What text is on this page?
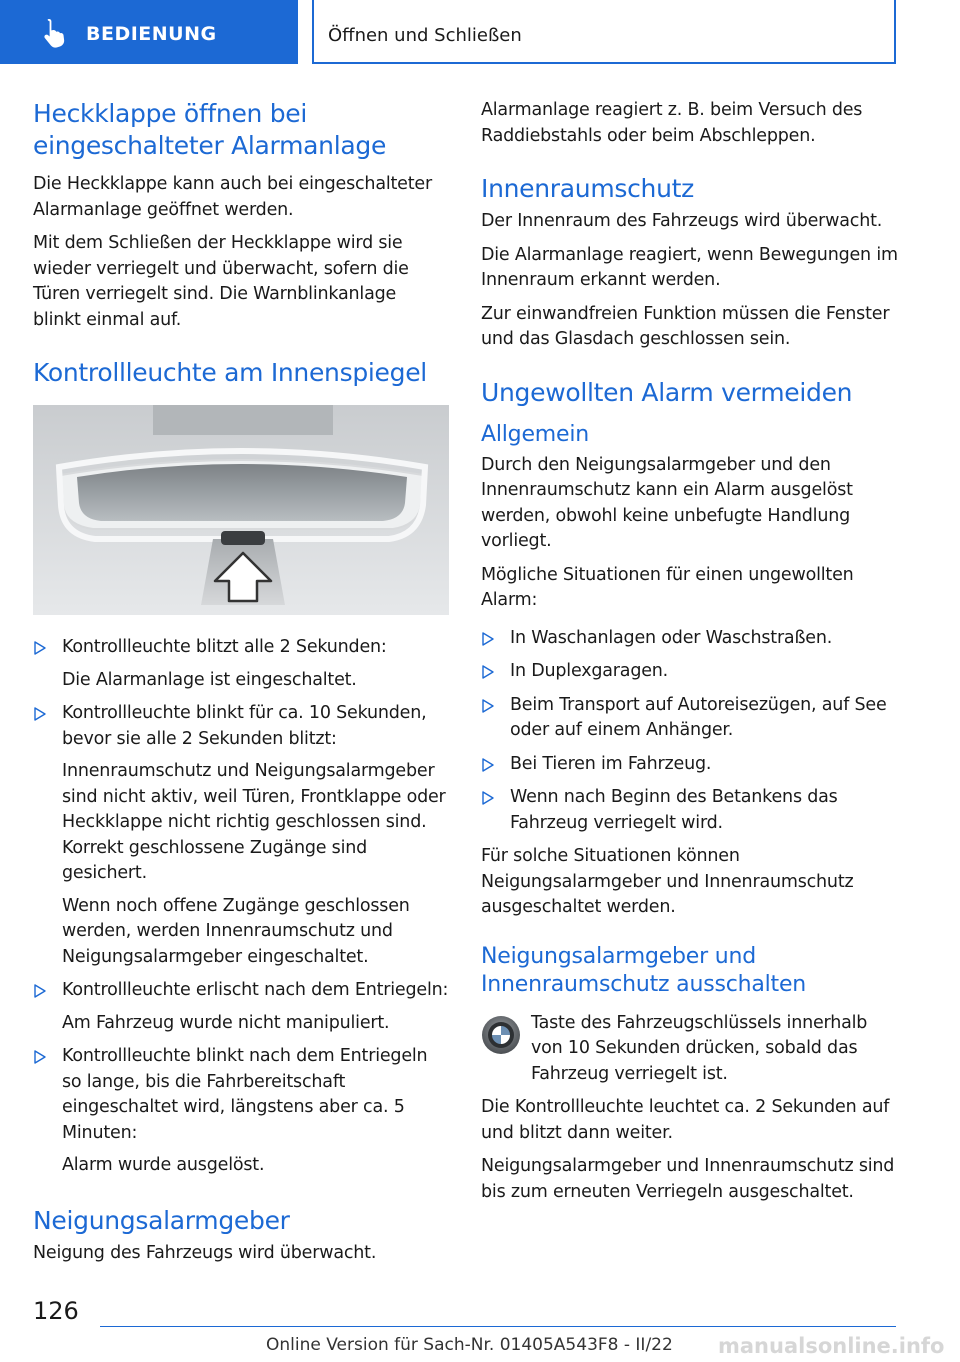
BEDIENUNG	Öffnen und Schließen
Heckklappe öffnen bei eingeschalteter Alarmanlage

Die Heckklappe kann auch bei eingeschalteter Alarmanlage geöffnet werden.

Mit dem Schließen der Heckklappe wird sie wieder verriegelt und überwacht, sofern die Türen verriegelt sind. Die Warnblinkanlage blinkt einmal auf.

Kontrollleuchte am Innenspiegel

Kontrollleuchte blitzt alle 2 Sekunden:

Die Alarmanlage ist eingeschaltet.

Kontrollleuchte blinkt für ca. 10 Sekunden, bevor sie alle 2 Sekunden blitzt:

Innenraumschutz und Neigungsalarmgeber sind nicht aktiv, weil Türen, Frontklappe oder Heckklappe nicht richtig geschlossen sind. Korrekt geschlossene Zugänge sind gesichert.

Wenn noch offene Zugänge geschlossen werden, werden Innenraumschutz und Neigungsalarmgeber eingeschaltet.

Kontrollleuchte erlischt nach dem Entriegeln:

Am Fahrzeug wurde nicht manipuliert.

Kontrollleuchte blinkt nach dem Entriegeln so lange, bis die Fahrbereitschaft eingeschaltet wird, längstens aber ca. 5 Minuten:

Alarm wurde ausgelöst.

Neigungsalarmgeber

Neigung des Fahrzeugs wird überwacht.

Alarmanlage reagiert z. B. beim Versuch des Raddiebstahls oder beim Abschleppen.

Innenraumschutz

Der Innenraum des Fahrzeugs wird überwacht.

Die Alarmanlage reagiert, wenn Bewegungen im Innenraum erkannt werden.

Zur einwandfreien Funktion müssen die Fenster und das Glasdach geschlossen sein.

Ungewollten Alarm vermeiden
Allgemein

Durch den Neigungsalarmgeber und den Innenraumschutz kann ein Alarm ausgelöst werden, obwohl keine unbefugte Handlung vorliegt.

Mögliche Situationen für einen ungewollten Alarm:

In Waschanlagen oder Waschstraßen.

In Duplexgaragen.

Beim Transport auf Autoreisezügen, auf See oder auf einem Anhänger.

Bei Tieren im Fahrzeug.

Wenn nach Beginn des Betankens das Fahrzeug verriegelt wird.

Für solche Situationen können Neigungsalarmgeber und Innenraumschutz ausgeschaltet werden.

Neigungsalarmgeber und Innenraumschutz ausschalten

Taste des Fahrzeugschlüssels innerhalb von 10 Sekunden drücken, sobald das Fahrzeug verriegelt ist.

Die Kontrollleuchte leuchtet ca. 2 Sekunden auf und blitzt dann weiter.

Neigungsalarmgeber und Innenraumschutz sind bis zum erneuten Verriegeln ausgeschaltet.

126
Online Version für Sach-Nr. 01405A543F8 - II/22 manualsonline.info
